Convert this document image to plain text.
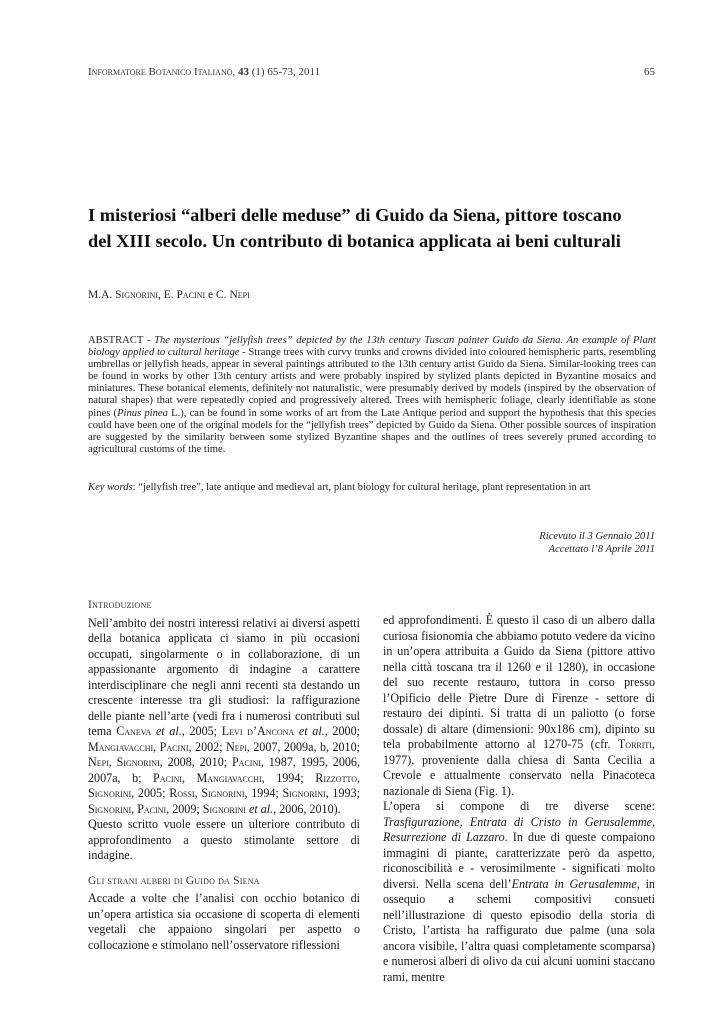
Informatore Botanico Italiano, 43 (1) 65-73, 2011	65
I misteriosi “alberi delle meduse” di Guido da Siena, pittore toscano
del XIII secolo. Un contributo di botanica applicata ai beni culturali
M.A. Signorini, E. Pacini e C. Nepi
ABSTRACT - The mysterious “jellyfish trees” depicted by the 13th century Tuscan painter Guido da Siena. An example of Plant biology applied to cultural heritage - Strange trees with curvy trunks and crowns divided into coloured hemispheric parts, resembling umbrellas or jellyfish heads, appear in several paintings attributed to the 13th century artist Guido da Siena. Similar-looking trees can be found in works by other 13th century artists and were probably inspired by stylized plants depicted in Byzantine mosaics and miniatures. These botanical elements, definitely not naturalistic, were presumably derived by models (inspired by the observation of natural shapes) that were repeatedly copied and progressively altered. Trees with hemispheric foliage, clearly identifiable as stone pines (Pinus pinea L.), can be found in some works of art from the Late Antique period and support the hypothesis that this species could have been one of the original models for the “jellyfish trees” depicted by Guido da Siena. Other possible sources of inspiration are suggested by the similarity between some stylized Byzantine shapes and the outlines of trees severely pruned according to agricultural customs of the time.
Key words: “jellyfish tree”, late antique and medieval art, plant biology for cultural heritage, plant representation in art
Ricevuto il 3 Gennaio 2011
Accettato l’8 Aprile 2011
Introduzione

Nell’ambito dei nostri interessi relativi ai diversi aspetti della botanica applicata ci siamo in più occasioni occupati, singolarmente o in collaborazione, di un appassionante argomento di indagine a carattere interdisciplinare che negli anni recenti sta destando un crescente interesse tra gli studiosi: la raffigurazione delle piante nell’arte (vedi fra i numerosi contributi sul tema Caneva et al., 2005; Levi d’Ancona et al., 2000; Mangiavacchi, Pacini, 2002; Nepi, 2007, 2009a, b, 2010; Nepi, Signorini, 2008, 2010; Pacini, 1987, 1995, 2006, 2007a, b; Pacini, Mangiavacchi, 1994; Rizzotto, Signorini, 2005; Rossi, Signorini, 1994; Signorini, 1993; Signorini, Pacini, 2009; Signorini et al., 2006, 2010).

Questo scritto vuole essere un ulteriore contributo di approfondimento a questo stimolante settore di indagine.

Gli strani alberi di Guido da Siena

Accade a volte che l’analisi con occhio botanico di un’opera artistica sia occasione di scoperta di elementi vegetali che appaiono singolari per aspetto o collocazione e stimolano nell’osservatore riflessioni

ed approfondimenti. È questo il caso di un albero dalla curiosa fisionomia che abbiamo potuto vedere da vicino in un’opera attribuita a Guido da Siena (pittore attivo nella città toscana tra il 1260 e il 1280), in occasione del suo recente restauro, tuttora in corso presso l’Opificio delle Pietre Dure di Firenze - settore di restauro dei dipinti. Si tratta di un paliotto (o forse dossale) di altare (dimensioni: 90x186 cm), dipinto su tela probabilmente attorno al 1270-75 (cfr. Torriti, 1977), proveniente dalla chiesa di Santa Cecilia a Crevole e attualmente conservato nella Pinacoteca nazionale di Siena (Fig. 1).

L’opera si compone di tre diverse scene: Trasfigurazione, Entrata di Cristo in Gerusalemme, Resurrezione di Lazzaro. In due di queste compaiono immagini di piante, caratterizzate però da aspetto, riconoscibilità e - verosimilmente - significati molto diversi. Nella scena dell’Entrata in Gerusalemme, in ossequio a schemi compositivi consueti nell’illustrazione di questo episodio della storia di Cristo, l’artista ha raffigurato due palme (una sola ancora visibile, l’altra quasi completamente scomparsa) e numerosi alberi di olivo da cui alcuni uomini staccano rami, mentre
